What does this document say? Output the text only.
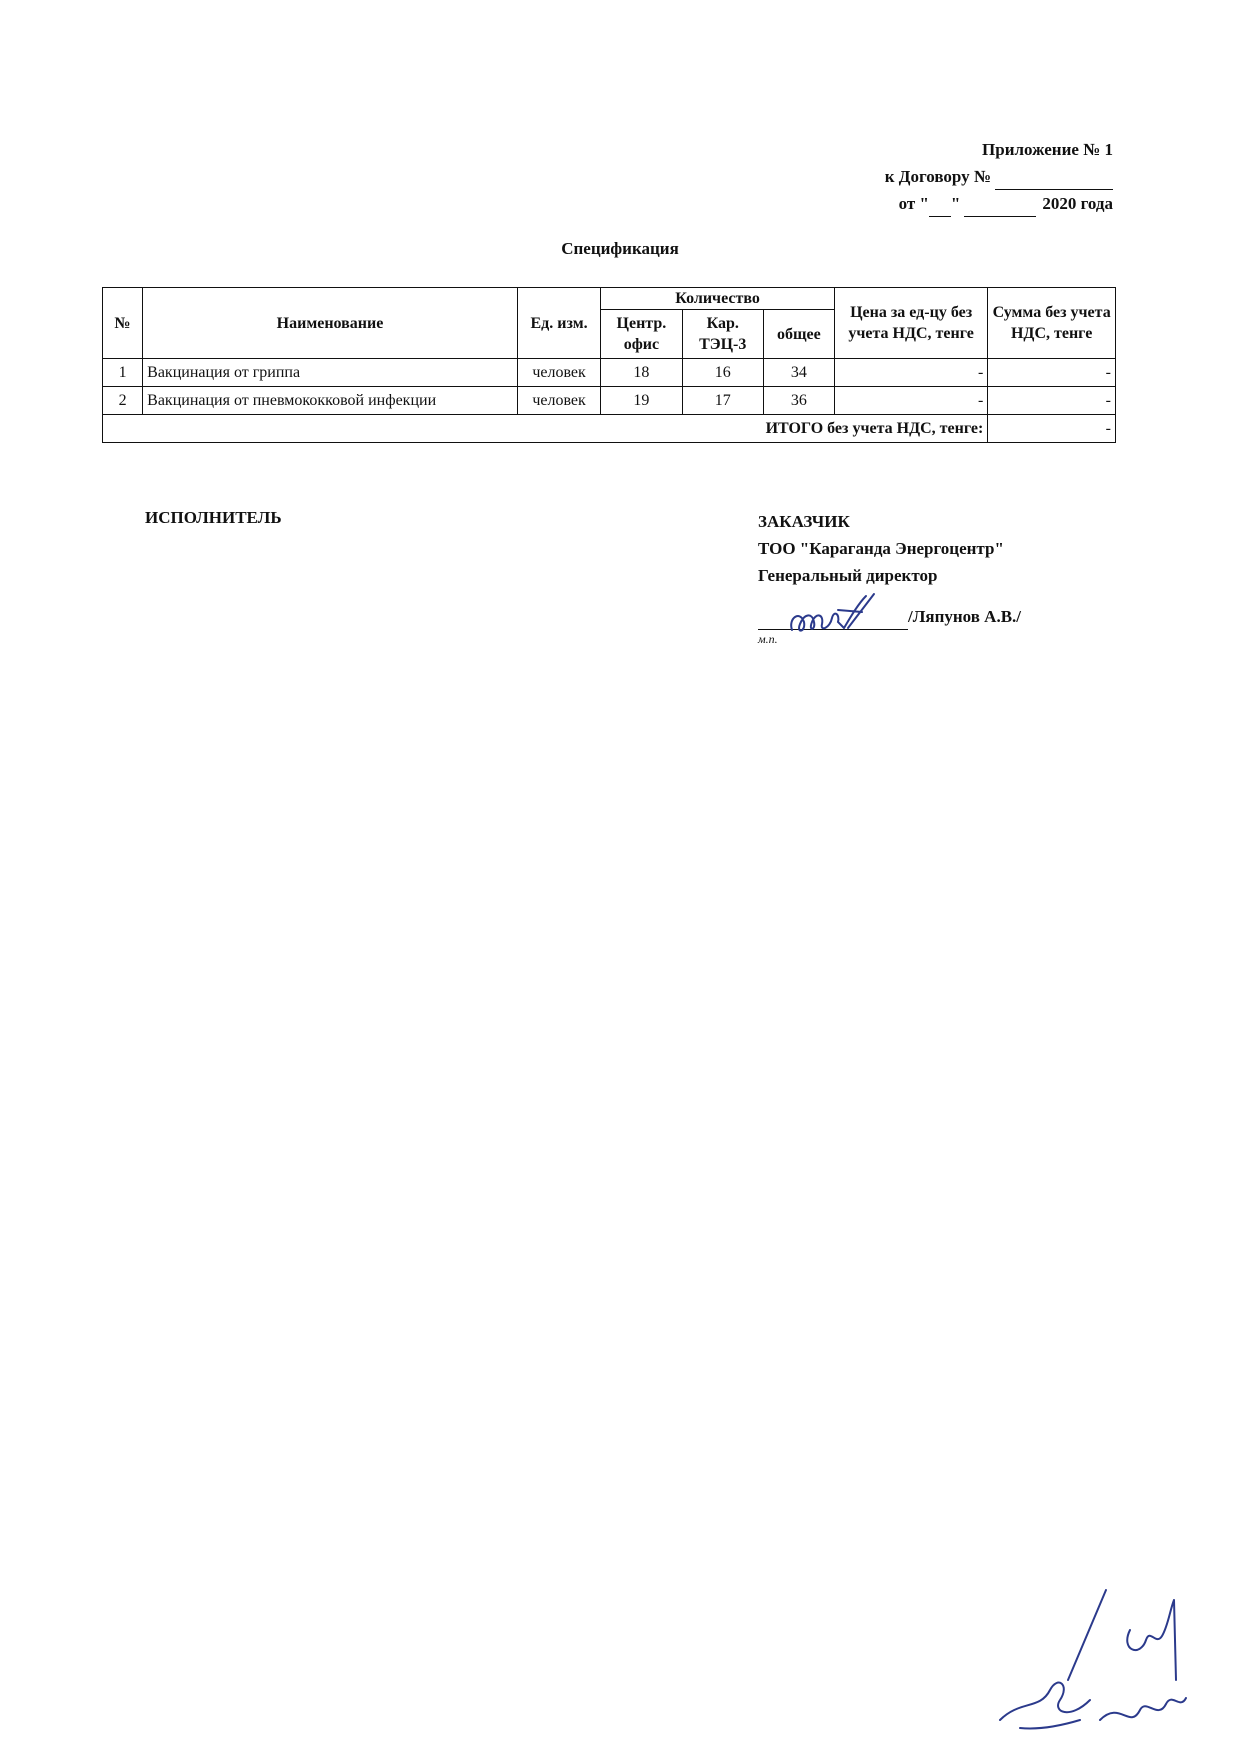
Приложение № 1
к Договору №
от " "	2020 года
Спецификация
№	Наименование	Ед. изм.	Количество			Цена за ед-цу без учета НДС, тенге	Сумма без учета НДС, тенге
			Центр. офис	Кар. ТЭЦ-3	общее		
1	Вакцинация от гриппа	человек	18	16	34	-	-
2	Вакцинация от пневмококковой инфекции	человек	19	17	36	-	-
ИТОГО без учета НДС, тенге:							-
ИСПОЛНИТЕЛЬ	ЗАКАЗЧИК
ТОО "Караганда Энергоцентр"
Генеральный директор
/Ляпунов А.В./
м.п.
